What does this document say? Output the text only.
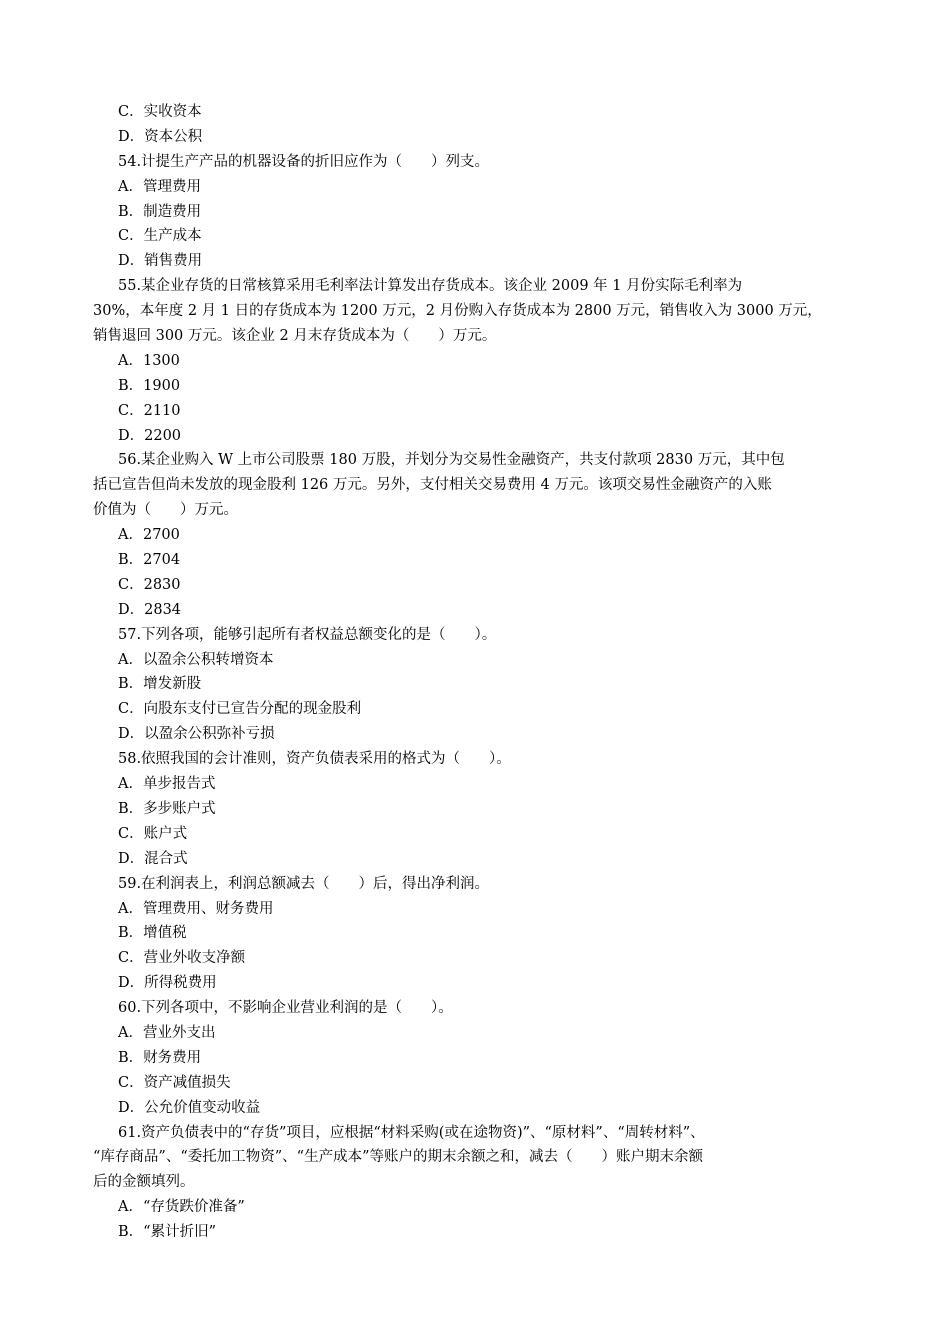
C．实收资本
D．资本公积
54.计提生产产品的机器设备的折旧应作为（　　）列支。
A．管理费用
B．制造费用
C．生产成本
D．销售费用
55.某企业存货的日常核算采用毛利率法计算发出存货成本。该企业 2009 年 1 月份实际毛利率为
30%，本年度 2 月 1 日的存货成本为 1200 万元，2 月份购入存货成本为 2800 万元，销售收入为 3000 万元，
销售退回 300 万元。该企业 2 月末存货成本为（　　）万元。
A．1300
B．1900
C．2110
D．2200
56.某企业购入 W 上市公司股票 180 万股，并划分为交易性金融资产，共支付款项 2830 万元，其中包
括已宣告但尚未发放的现金股利 126 万元。另外，支付相关交易费用 4 万元。该项交易性金融资产的入账
价值为（　　）万元。
A．2700
B．2704
C．2830
D．2834
57.下列各项，能够引起所有者权益总额变化的是（　　）。
A．以盈余公积转增资本
B．增发新股
C．向股东支付已宣告分配的现金股利
D．以盈余公积弥补亏损
58.依照我国的会计准则，资产负债表采用的格式为（　　）。
A．单步报告式
B．多步账户式
C．账户式
D．混合式
59.在利润表上，利润总额减去（　　）后，得出净利润。
A．管理费用、财务费用
B．增值税
C．营业外收支净额
D．所得税费用
60.下列各项中，不影响企业营业利润的是（　　）。
A．营业外支出
B．财务费用
C．资产减值损失
D．公允价值变动收益
61.资产负债表中的“存货”项目，应根据“材料采购(或在途物资)”、“原材料”、“周转材料”、
“库存商品”、“委托加工物资”、“生产成本”等账户的期末余额之和，减去（　　）账户期末余额
后的金额填列。
A．“存货跌价准备”
B．“累计折旧”
